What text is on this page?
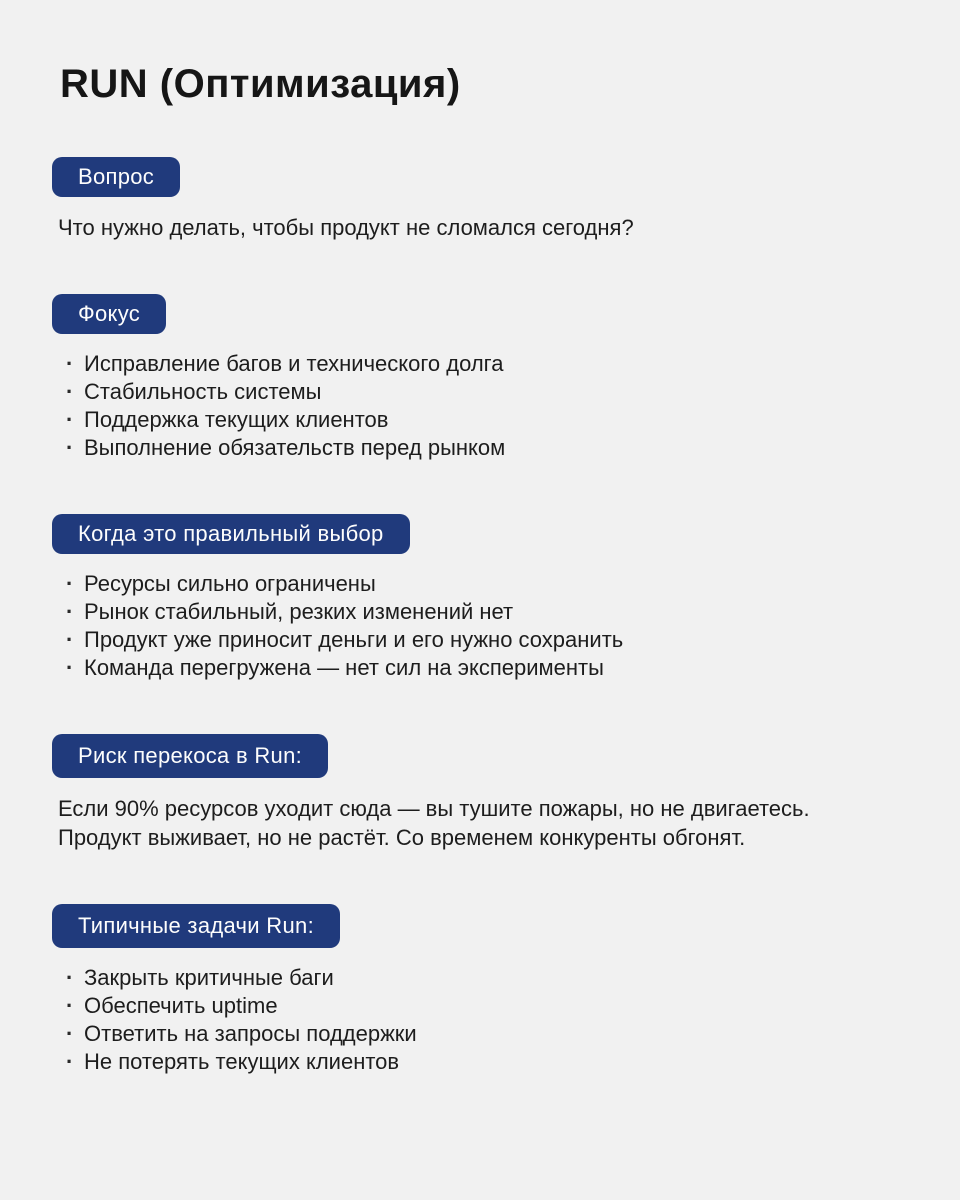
RUN (Оптимизация)
Вопрос

Что нужно делать, чтобы продукт не сломался сегодня?

Фокус
· Исправление багов и технического долга
· Стабильность системы
· Поддержка текущих клиентов
· Выполнение обязательств перед рынком
Когда это правильный выбор
· Ресурсы сильно ограничены
· Рынок стабильный, резких изменений нет
· Продукт уже приносит деньги и его нужно сохранить
· Команда перегружена — нет сил на эксперименты
Риск перекоса в Run:

Если 90% ресурсов уходит сюда — вы тушите пожары, но не двигаетесь. Продукт выживает, но не растёт. Со временем конкуренты обгонят.

Типичные задачи Run:
· Закрыть критичные баги
· Обеспечить uptime
· Ответить на запросы поддержки
· Не потерять текущих клиентов
